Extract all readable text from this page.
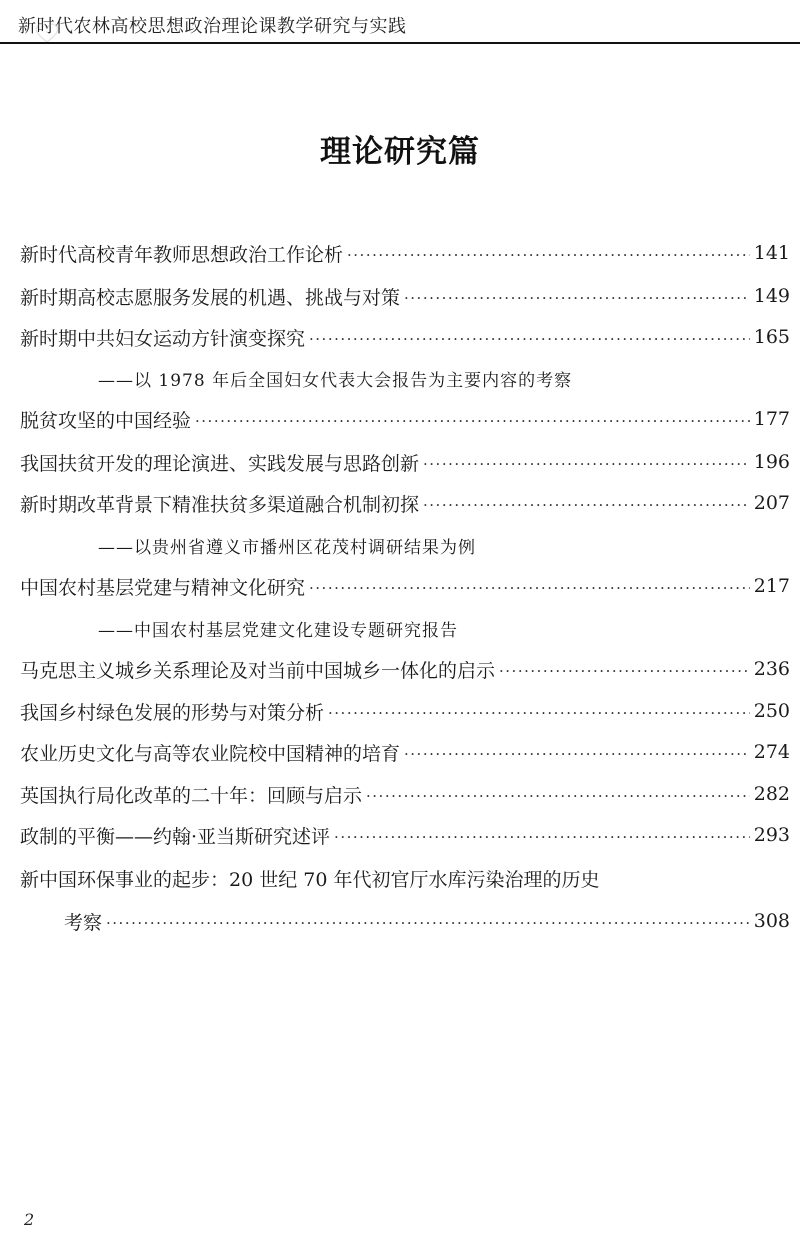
新时代农林高校思想政治理论课教学研究与实践
理论研究篇
新时代高校青年教师思想政治工作论析 ·····	141
新时期高校志愿服务发展的机遇、挑战与对策 ·····	149
新时期中共妇女运动方针演变探究 ·····	165
——以 1978 年后全国妇女代表大会报告为主要内容的考察
脱贫攻坚的中国经验 ·····	177
我国扶贫开发的理论演进、实践发展与思路创新 ·····	196
新时期改革背景下精准扶贫多渠道融合机制初探 ·····	207
——以贵州省遵义市播州区花茂村调研结果为例
中国农村基层党建与精神文化研究 ·····	217
——中国农村基层党建文化建设专题研究报告
马克思主义城乡关系理论及对当前中国城乡一体化的启示 ·····	236
我国乡村绿色发展的形势与对策分析 ·····	250
农业历史文化与高等农业院校中国精神的培育 ·····	274
英国执行局化改革的二十年：回顾与启示 ·····	282
政制的平衡——约翰·亚当斯研究述评 ·····	293
新中国环保事业的起步：20 世纪 70 年代初官厅水库污染治理的历史
考察 ·····	308
2
